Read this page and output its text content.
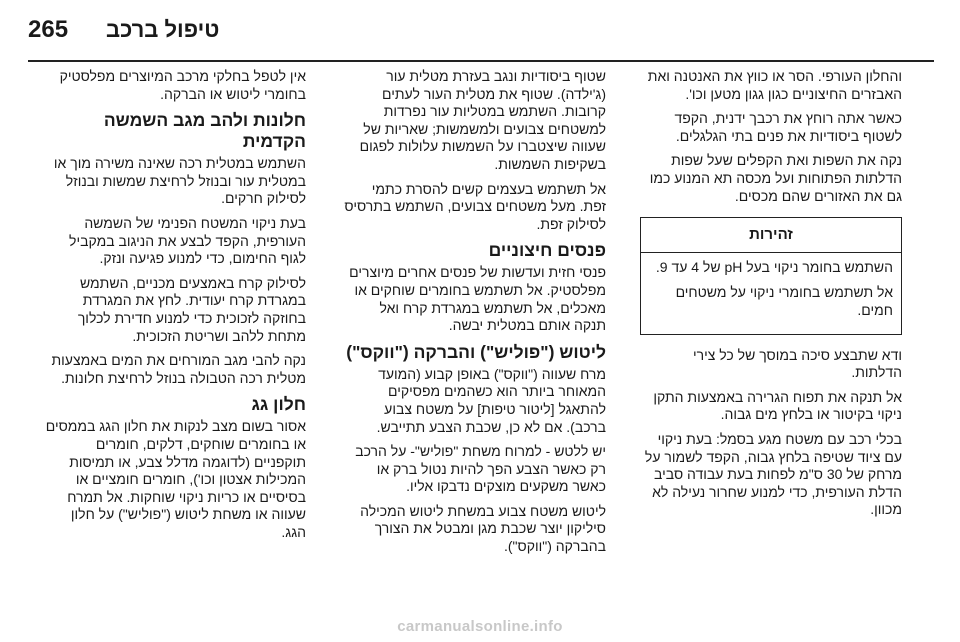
265 טיפול ברכב

והחלון העורפי. הסר או כווץ את האנטנה ואת האבזרים החיצוניים כגון גגון מטען וכו'.

כאשר אתה רוחץ את רכבך ידנית, הקפד לשטוף ביסודיות את פנים בתי הגלגלים.

נקה את השפות ואת הקפלים שעל שפות הדלתות הפתוחות ועל מכסה תא המנוע כמו גם את האזורים שהם מכסים.

זהירות

השתמש בחומר ניקוי בעל pH של 4 עד 9.

אל תשתמש בחומרי ניקוי על משטחים חמים.

ודא שתבצע סיכה במוסך של כל צירי הדלתות.

אל תנקה את תפוח הגרירה באמצעות התקן ניקוי בקיטור או בלחץ מים גבוה.

בכלי רכב עם משטח מגע בסמל: בעת ניקוי עם ציוד שטיפה בלחץ גבוה, הקפד לשמור על מרחק של 30 ס"מ לפחות בעת עבודה סביב הדלת העורפית, כדי למנוע שחרור נעילה לא מכוון.

שטוף ביסודיות ונגב בעזרת מטלית עור (ג'ילדה). שטוף את מטלית העור לעתים קרובות. השתמש במטליות עור נפרדות למשטחים צבועים ולמשמשות; שאריות של שעווה שיצטברו על השמשות עלולות לפגום בשקיפות השמשות.

אל תשתמש בעצמים קשים להסרת כתמי זפת. מעל משטחים צבועים, השתמש בתרסיס לסילוק זפת.

פנסים חיצוניים

פנסי חזית ועדשות של פנסים אחרים מיוצרים מפלסטיק. אל תשתמש בחומרים שוחקים או מאכלים, אל תשתמש במגרדת קרח ואל תנקה אותם במטלית יבשה.

ליטוש ("פוליש") והברקה ("ווקס")

מרח שעווה ("ווקס") באופן קבוע (המועד המאוחר ביותר הוא כשהמים מפסיקים להתאגל [ליטור טיפות] על משטח צבוע ברכב). אם לא כן, שכבת הצבע תתייבש.

יש ללטש - למרוח משחת "פוליש"- על הרכב רק כאשר הצבע הפך להיות נטול ברק או כאשר משקעים מוצקים נדבקו אליו.

ליטוש משטח צבוע במשחת ליטוש המכילה סיליקון יוצר שכבת מגן ומבטל את הצורך בהברקה ("ווקס").

אין לטפל בחלקי מרכב המיוצרים מפלסטיק בחומרי ליטוש או הברקה.

חלונות ולהב מגב השמשה הקדמית

השתמש במטלית רכה שאינה משירה מוך או במטלית עור ובנוזל לרחיצת שמשות ובנוזל לסילוק חרקים.

בעת ניקוי המשטח הפנימי של השמשה העורפית, הקפד לבצע את הניגוב במקביל לגוף החימום, כדי למנוע פגיעה ונזק.

לסילוק קרח באמצעים מכניים, השתמש במגרדת קרח יעודית. לחץ את המגרדת בחוזקה לזכוכית כדי למנוע חדירת לכלוך מתחת ללהב ושריטת הזכוכית.

נקה להבי מגב המורחים את המים באמצעות מטלית רכה הטבולה בנוזל לרחיצת חלונות.

חלון גג

אסור בשום מצב לנקות את חלון הגג בממסים או בחומרים שוחקים, דלקים, חומרים תוקפניים (לדוגמה מדלל צבע, או תמיסות המכילות אצטון וכו'), חומרים חומציים או בסיסיים או כריות ניקוי שוחקות. אל תמרח שעווה או משחת ליטוש ("פוליש") על חלון הגג.

carmanualsonline.info
